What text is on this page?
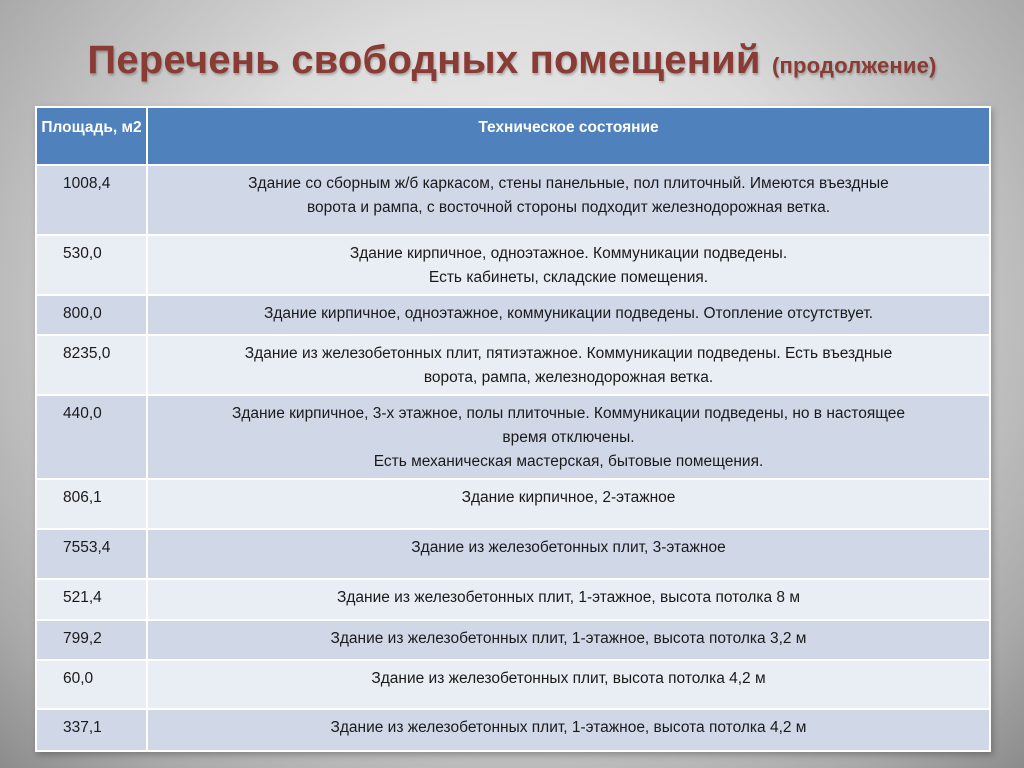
Перечень свободных помещений (продолжение)
Площадь, м2	Техническое состояние
1008,4	Здание со сборным ж/б каркасом, стены панельные, пол плиточный. Имеются въездные
ворота и рампа, с восточной стороны подходит железнодорожная ветка.

530,0	Здание кирпичное, одноэтажное. Коммуникации подведены.
Есть кабинеты, складские помещения.

800,0	Здание кирпичное, одноэтажное, коммуникации подведены. Отопление отсутствует.

8235,0	Здание из железобетонных плит, пятиэтажное. Коммуникации подведены. Есть въездные
ворота, рампа, железнодорожная ветка.

440,0	Здание кирпичное, 3-х этажное, полы плиточные. Коммуникации подведены, но в настоящее
время отключены.
Есть механическая мастерская, бытовые помещения.

806,1	Здание кирпичное, 2-этажное

7553,4	Здание из железобетонных плит, 3-этажное

521,4	Здание из железобетонных плит, 1-этажное, высота потолка 8 м

799,2	Здание из железобетонных плит, 1-этажное, высота потолка 3,2 м

60,0	Здание из железобетонных плит, высота потолка 4,2 м

337,1	Здание из железобетонных плит, 1-этажное, высота потолка 4,2 м
